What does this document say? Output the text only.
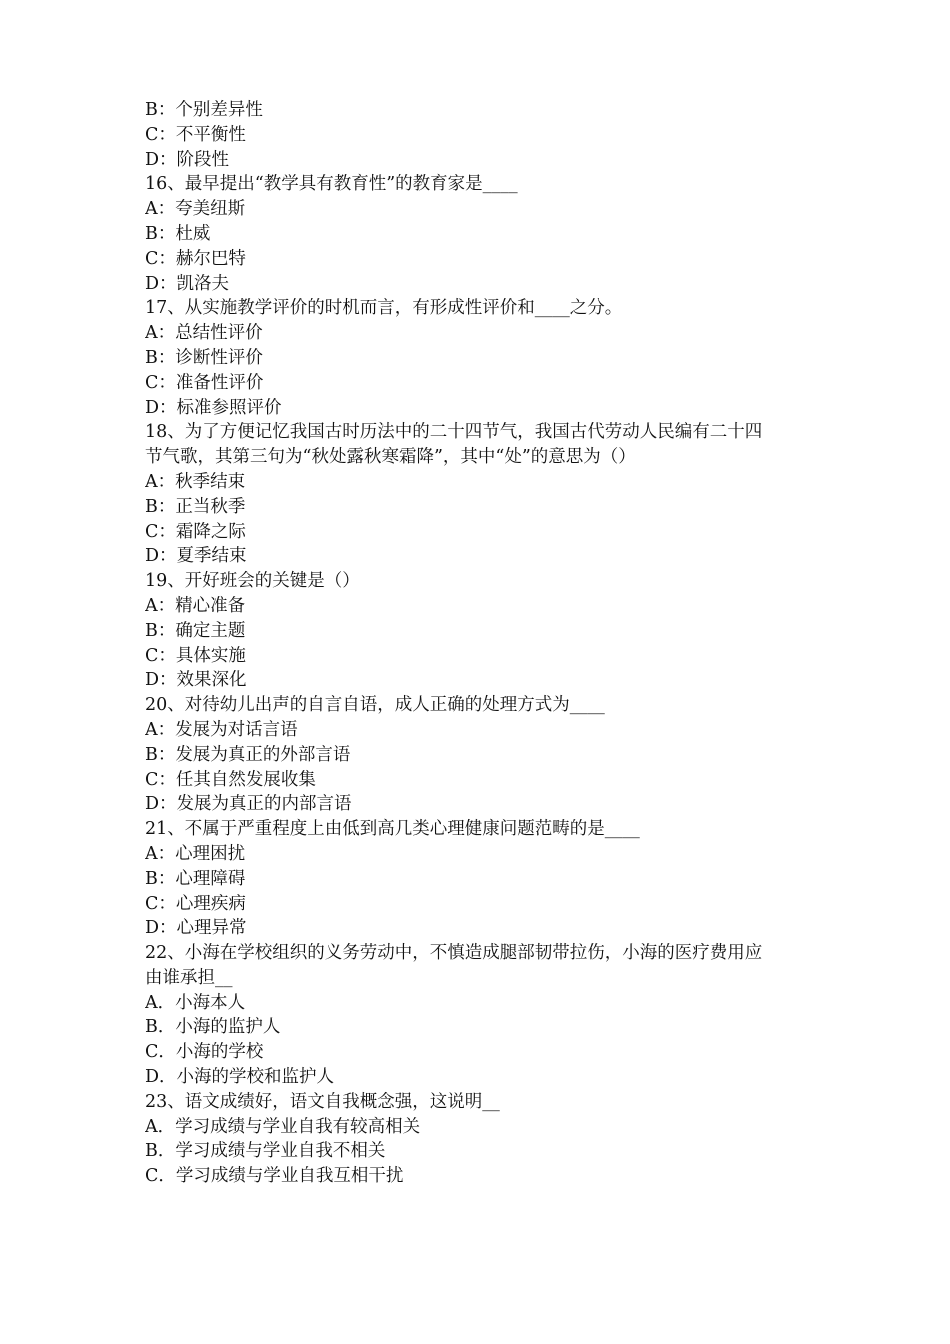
B：个别差异性
C：不平衡性
D：阶段性
16、最早提出“教学具有教育性”的教育家是____
A：夸美纽斯
B：杜威
C：赫尔巴特
D：凯洛夫
17、从实施教学评价的时机而言，有形成性评价和____之分。
A：总结性评价
B：诊断性评价
C：准备性评价
D：标准参照评价
18、为了方便记忆我国古时历法中的二十四节气，我国古代劳动人民编有二十四
节气歌，其第三句为“秋处露秋寒霜降”，其中“处”的意思为（）
A：秋季结束
B：正当秋季
C：霜降之际
D：夏季结束
19、开好班会的关键是（）
A：精心准备
B：确定主题
C：具体实施
D：效果深化
20、对待幼儿出声的自言自语，成人正确的处理方式为____
A：发展为对话言语
B：发展为真正的外部言语
C：任其自然发展收集
D：发展为真正的内部言语
21、不属于严重程度上由低到高几类心理健康问题范畴的是____
A：心理困扰
B：心理障碍
C：心理疾病
D：心理异常
22、小海在学校组织的义务劳动中，不慎造成腿部韧带拉伤，小海的医疗费用应
由谁承担__
A．小海本人
B．小海的监护人
C．小海的学校
D．小海的学校和监护人
23、语文成绩好，语文自我概念强，这说明__
A．学习成绩与学业自我有较高相关
B．学习成绩与学业自我不相关
C．学习成绩与学业自我互相干扰
